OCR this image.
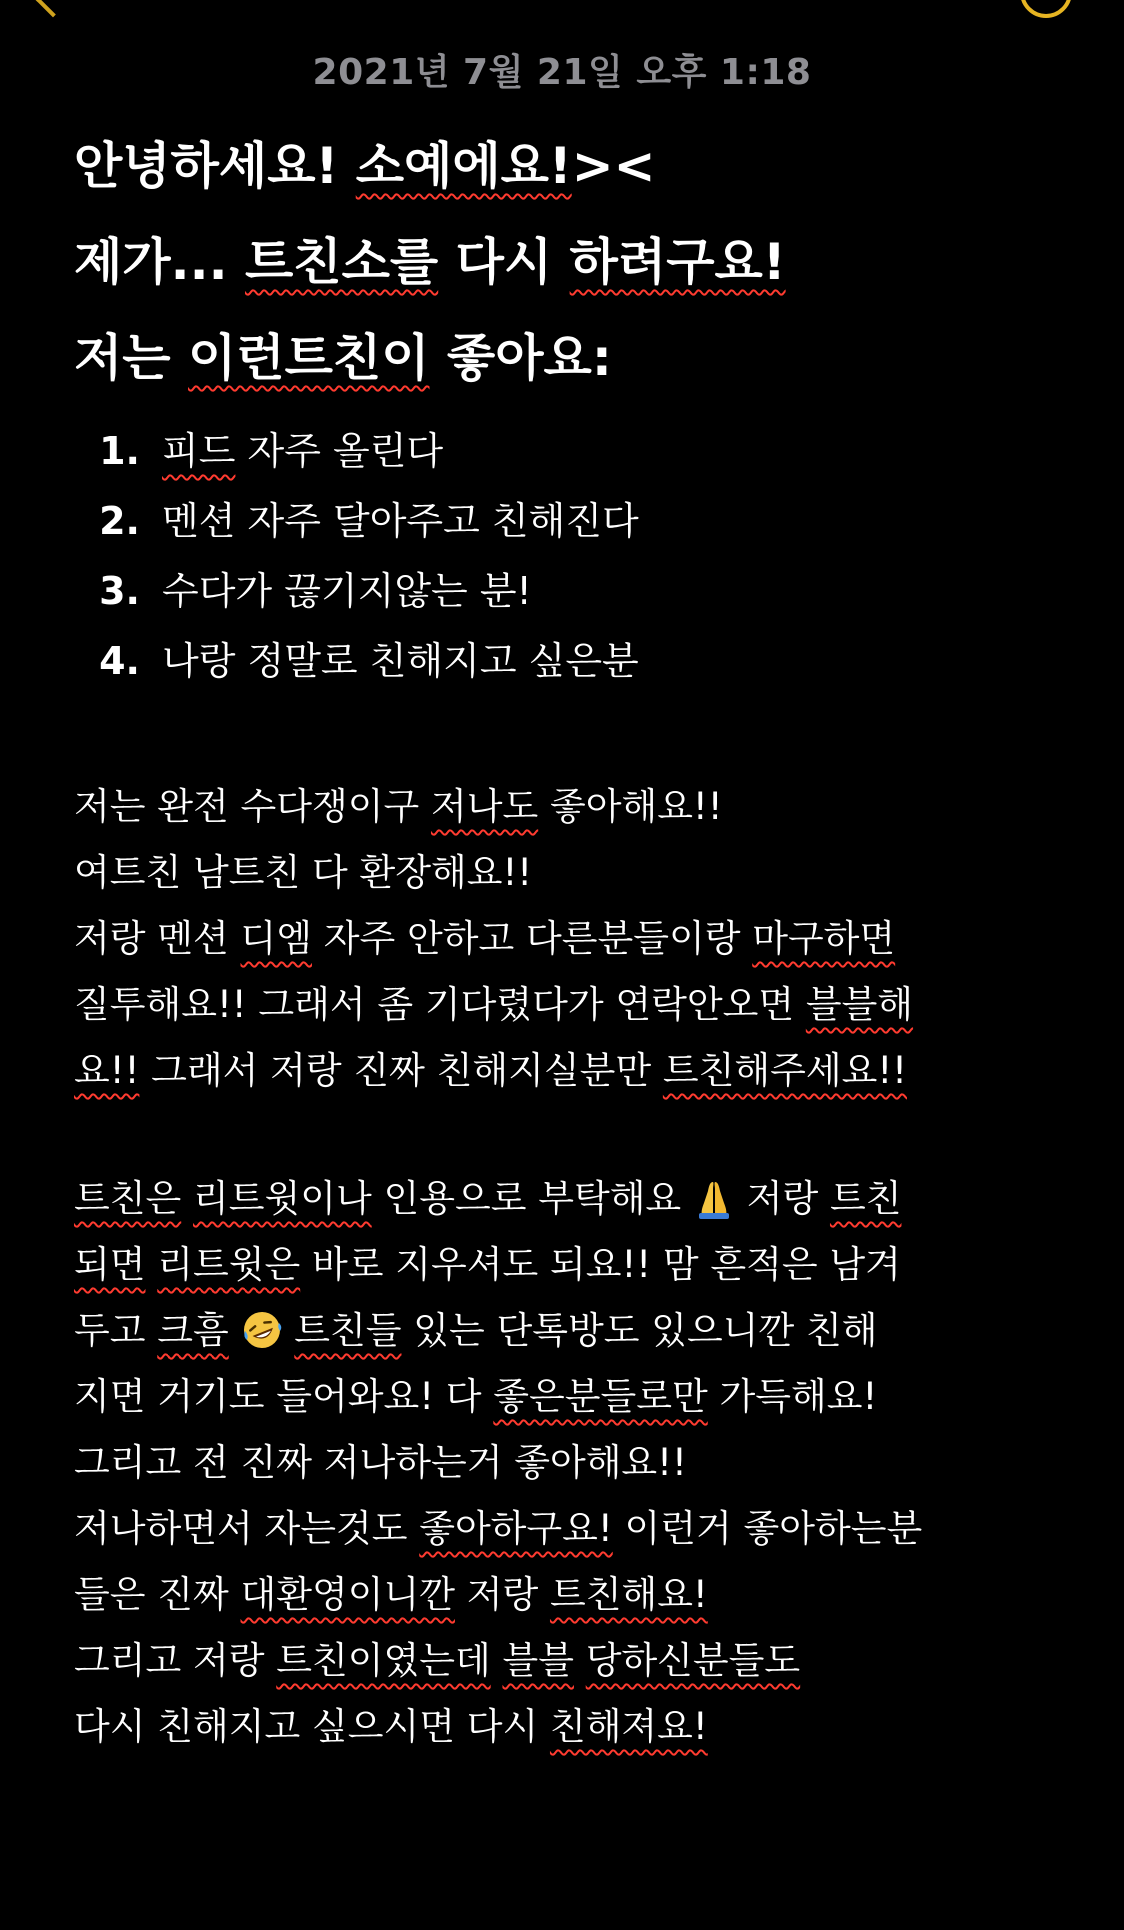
2021년 7월 21일 오후 1:18
안녕하세요! 소예에요!><
제가... 트친소를 다시 하려구요!
저는 이런트친이 좋아요:
1. 피드 자주 올린다
2. 멘션 자주 달아주고 친해진다
3. 수다가 끊기지않는 분!
4. 나랑 정말로 친해지고 싶은분
저는 완전 수다쟁이구 저나도 좋아해요!!
여트친 남트친 다 환장해요!!
저랑 멘션 디엠 자주 안하고 다른분들이랑 마구하면
질투해요!! 그래서 좀 기다렸다가 연락안오면 블블해
요!! 그래서 저랑 진짜 친해지실분만 트친해주세요!!
트친은 리트윗이나 인용으로 부탁해요  저랑 트친
되면 리트윗은 바로 지우셔도 되요!! 맘 흔적은 남겨
두고 크흠 트친들 있는 단톡방도 있으니깐 친해
지면 거기도 들어와요! 다 좋은분들로만 가득해요!
그리고 전 진짜 저나하는거 좋아해요!!
저나하면서 자는것도 좋아하구요! 이런거 좋아하는분
들은 진짜 대환영이니깐 저랑 트친해요!
그리고 저랑 트친이였는데 블블 당하신분들도
다시 친해지고 싶으시면 다시 친해져요!
